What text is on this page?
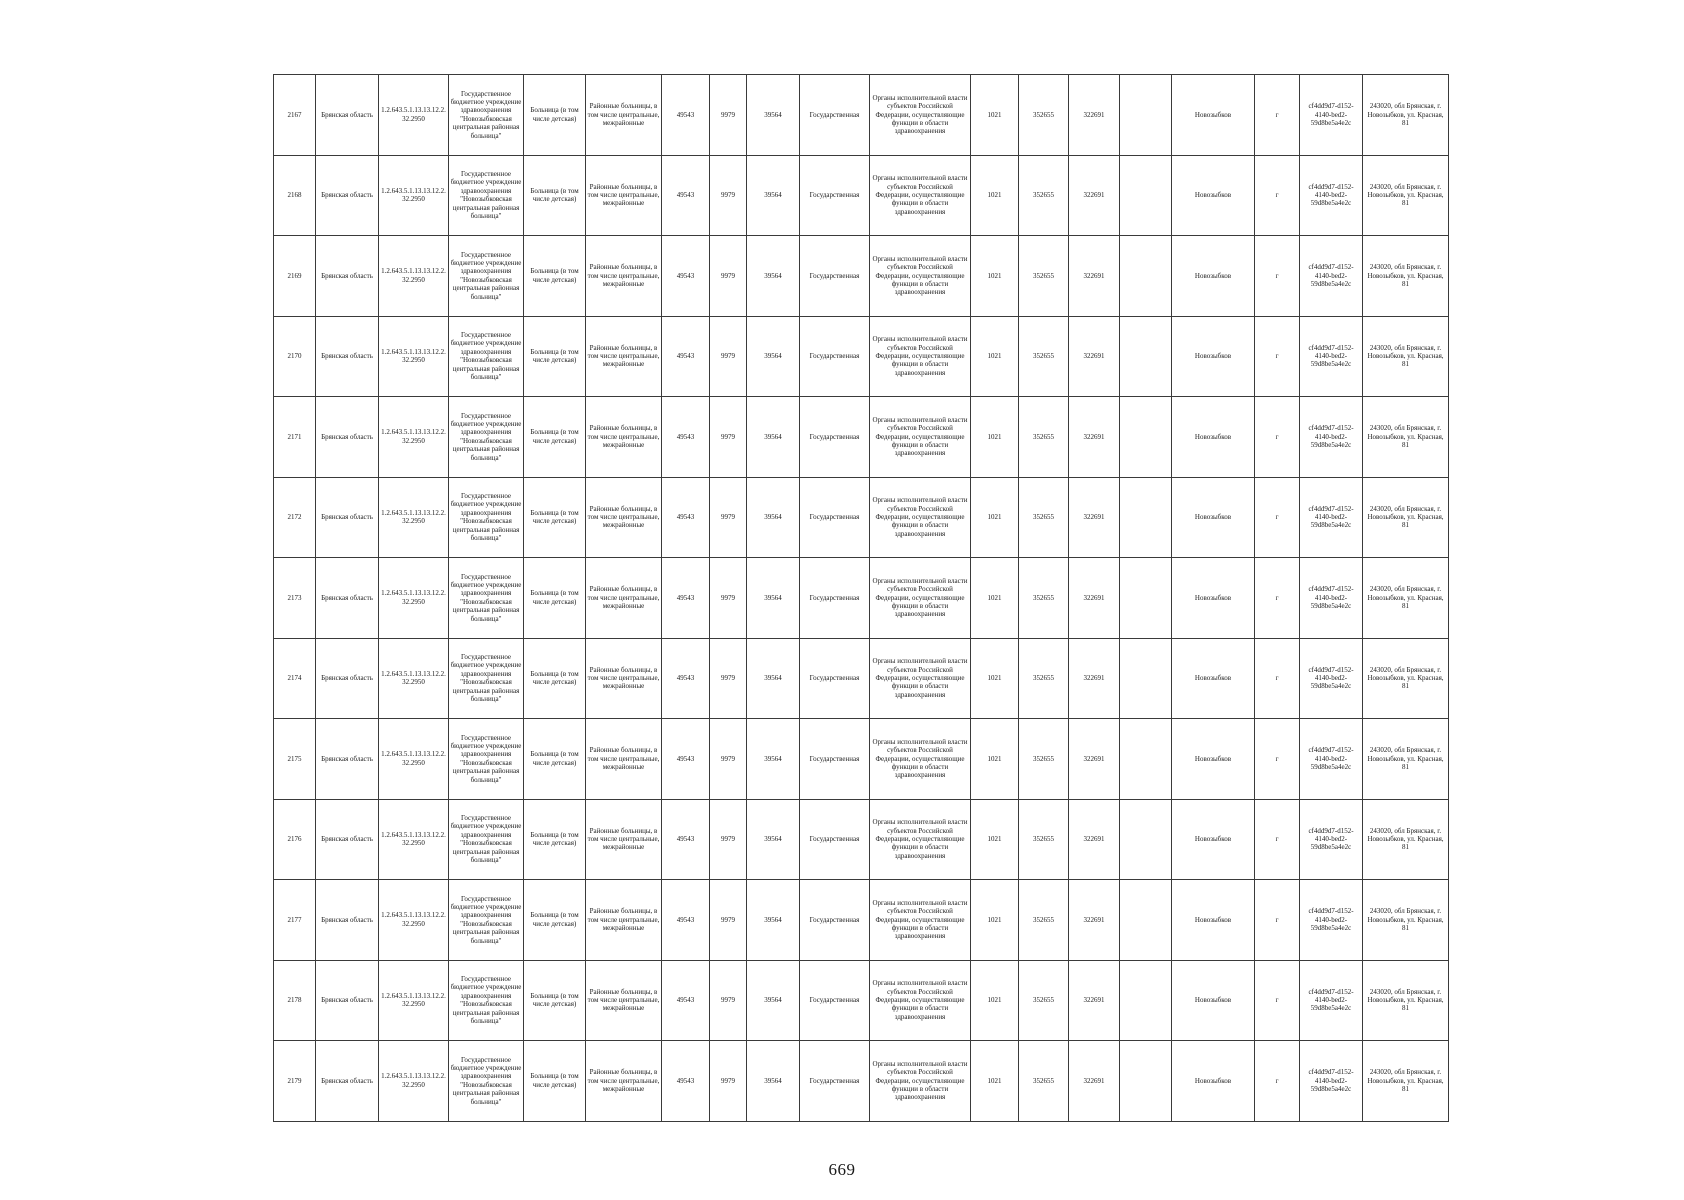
2167	Брянская область	1.2.643.5.1.13.13.12.2.32.2950	Государственное бюджетное учреждение здравоохранения "Новозыбковская центральная районная больница"	Больница (в том числе детская)	Районные больницы, в том числе центральные, межрайонные	49543	9979	39564	Государственная	Органы исполнительной власти субъектов Российской Федерации, осуществляющие функции в области здравоохранения	1021	352655	322691		Новозыбков	г	cf4dd9d7-d152-4140-bed2-59d8be5a4e2c	243020, обл Брянская, г. Новозыбков, ул. Красная, 81
2168	Брянская область	1.2.643.5.1.13.13.12.2.32.2950	Государственное бюджетное учреждение здравоохранения "Новозыбковская центральная районная больница"	Больница (в том числе детская)	Районные больницы, в том числе центральные, межрайонные	49543	9979	39564	Государственная	Органы исполнительной власти субъектов Российской Федерации, осуществляющие функции в области здравоохранения	1021	352655	322691		Новозыбков	г	cf4dd9d7-d152-4140-bed2-59d8be5a4e2c	243020, обл Брянская, г. Новозыбков, ул. Красная, 81
2169	Брянская область	1.2.643.5.1.13.13.12.2.32.2950	Государственное бюджетное учреждение здравоохранения "Новозыбковская центральная районная больница"	Больница (в том числе детская)	Районные больницы, в том числе центральные, межрайонные	49543	9979	39564	Государственная	Органы исполнительной власти субъектов Российской Федерации, осуществляющие функции в области здравоохранения	1021	352655	322691		Новозыбков	г	cf4dd9d7-d152-4140-bed2-59d8be5a4e2c	243020, обл Брянская, г. Новозыбков, ул. Красная, 81
2170	Брянская область	1.2.643.5.1.13.13.12.2.32.2950	Государственное бюджетное учреждение здравоохранения "Новозыбковская центральная районная больница"	Больница (в том числе детская)	Районные больницы, в том числе центральные, межрайонные	49543	9979	39564	Государственная	Органы исполнительной власти субъектов Российской Федерации, осуществляющие функции в области здравоохранения	1021	352655	322691		Новозыбков	г	cf4dd9d7-d152-4140-bed2-59d8be5a4e2c	243020, обл Брянская, г. Новозыбков, ул. Красная, 81
2171	Брянская область	1.2.643.5.1.13.13.12.2.32.2950	Государственное бюджетное учреждение здравоохранения "Новозыбковская центральная районная больница"	Больница (в том числе детская)	Районные больницы, в том числе центральные, межрайонные	49543	9979	39564	Государственная	Органы исполнительной власти субъектов Российской Федерации, осуществляющие функции в области здравоохранения	1021	352655	322691		Новозыбков	г	cf4dd9d7-d152-4140-bed2-59d8be5a4e2c	243020, обл Брянская, г. Новозыбков, ул. Красная, 81
2172	Брянская область	1.2.643.5.1.13.13.12.2.32.2950	Государственное бюджетное учреждение здравоохранения "Новозыбковская центральная районная больница"	Больница (в том числе детская)	Районные больницы, в том числе центральные, межрайонные	49543	9979	39564	Государственная	Органы исполнительной власти субъектов Российской Федерации, осуществляющие функции в области здравоохранения	1021	352655	322691		Новозыбков	г	cf4dd9d7-d152-4140-bed2-59d8be5a4e2c	243020, обл Брянская, г. Новозыбков, ул. Красная, 81
2173	Брянская область	1.2.643.5.1.13.13.12.2.32.2950	Государственное бюджетное учреждение здравоохранения "Новозыбковская центральная районная больница"	Больница (в том числе детская)	Районные больницы, в том числе центральные, межрайонные	49543	9979	39564	Государственная	Органы исполнительной власти субъектов Российской Федерации, осуществляющие функции в области здравоохранения	1021	352655	322691		Новозыбков	г	cf4dd9d7-d152-4140-bed2-59d8be5a4e2c	243020, обл Брянская, г. Новозыбков, ул. Красная, 81
2174	Брянская область	1.2.643.5.1.13.13.12.2.32.2950	Государственное бюджетное учреждение здравоохранения "Новозыбковская центральная районная больница"	Больница (в том числе детская)	Районные больницы, в том числе центральные, межрайонные	49543	9979	39564	Государственная	Органы исполнительной власти субъектов Российской Федерации, осуществляющие функции в области здравоохранения	1021	352655	322691		Новозыбков	г	cf4dd9d7-d152-4140-bed2-59d8be5a4e2c	243020, обл Брянская, г. Новозыбков, ул. Красная, 81
2175	Брянская область	1.2.643.5.1.13.13.12.2.32.2950	Государственное бюджетное учреждение здравоохранения "Новозыбковская центральная районная больница"	Больница (в том числе детская)	Районные больницы, в том числе центральные, межрайонные	49543	9979	39564	Государственная	Органы исполнительной власти субъектов Российской Федерации, осуществляющие функции в области здравоохранения	1021	352655	322691		Новозыбков	г	cf4dd9d7-d152-4140-bed2-59d8be5a4e2c	243020, обл Брянская, г. Новозыбков, ул. Красная, 81
2176	Брянская область	1.2.643.5.1.13.13.12.2.32.2950	Государственное бюджетное учреждение здравоохранения "Новозыбковская центральная районная больница"	Больница (в том числе детская)	Районные больницы, в том числе центральные, межрайонные	49543	9979	39564	Государственная	Органы исполнительной власти субъектов Российской Федерации, осуществляющие функции в области здравоохранения	1021	352655	322691		Новозыбков	г	cf4dd9d7-d152-4140-bed2-59d8be5a4e2c	243020, обл Брянская, г. Новозыбков, ул. Красная, 81
2177	Брянская область	1.2.643.5.1.13.13.12.2.32.2950	Государственное бюджетное учреждение здравоохранения "Новозыбковская центральная районная больница"	Больница (в том числе детская)	Районные больницы, в том числе центральные, межрайонные	49543	9979	39564	Государственная	Органы исполнительной власти субъектов Российской Федерации, осуществляющие функции в области здравоохранения	1021	352655	322691		Новозыбков	г	cf4dd9d7-d152-4140-bed2-59d8be5a4e2c	243020, обл Брянская, г. Новозыбков, ул. Красная, 81
2178	Брянская область	1.2.643.5.1.13.13.12.2.32.2950	Государственное бюджетное учреждение здравоохранения "Новозыбковская центральная районная больница"	Больница (в том числе детская)	Районные больницы, в том числе центральные, межрайонные	49543	9979	39564	Государственная	Органы исполнительной власти субъектов Российской Федерации, осуществляющие функции в области здравоохранения	1021	352655	322691		Новозыбков	г	cf4dd9d7-d152-4140-bed2-59d8be5a4e2c	243020, обл Брянская, г. Новозыбков, ул. Красная, 81
2179	Брянская область	1.2.643.5.1.13.13.12.2.32.2950	Государственное бюджетное учреждение здравоохранения "Новозыбковская центральная районная больница"	Больница (в том числе детская)	Районные больницы, в том числе центральные, межрайонные	49543	9979	39564	Государственная	Органы исполнительной власти субъектов Российской Федерации, осуществляющие функции в области здравоохранения	1021	352655	322691		Новозыбков	г	cf4dd9d7-d152-4140-bed2-59d8be5a4e2c	243020, обл Брянская, г. Новозыбков, ул. Красная, 81
669
